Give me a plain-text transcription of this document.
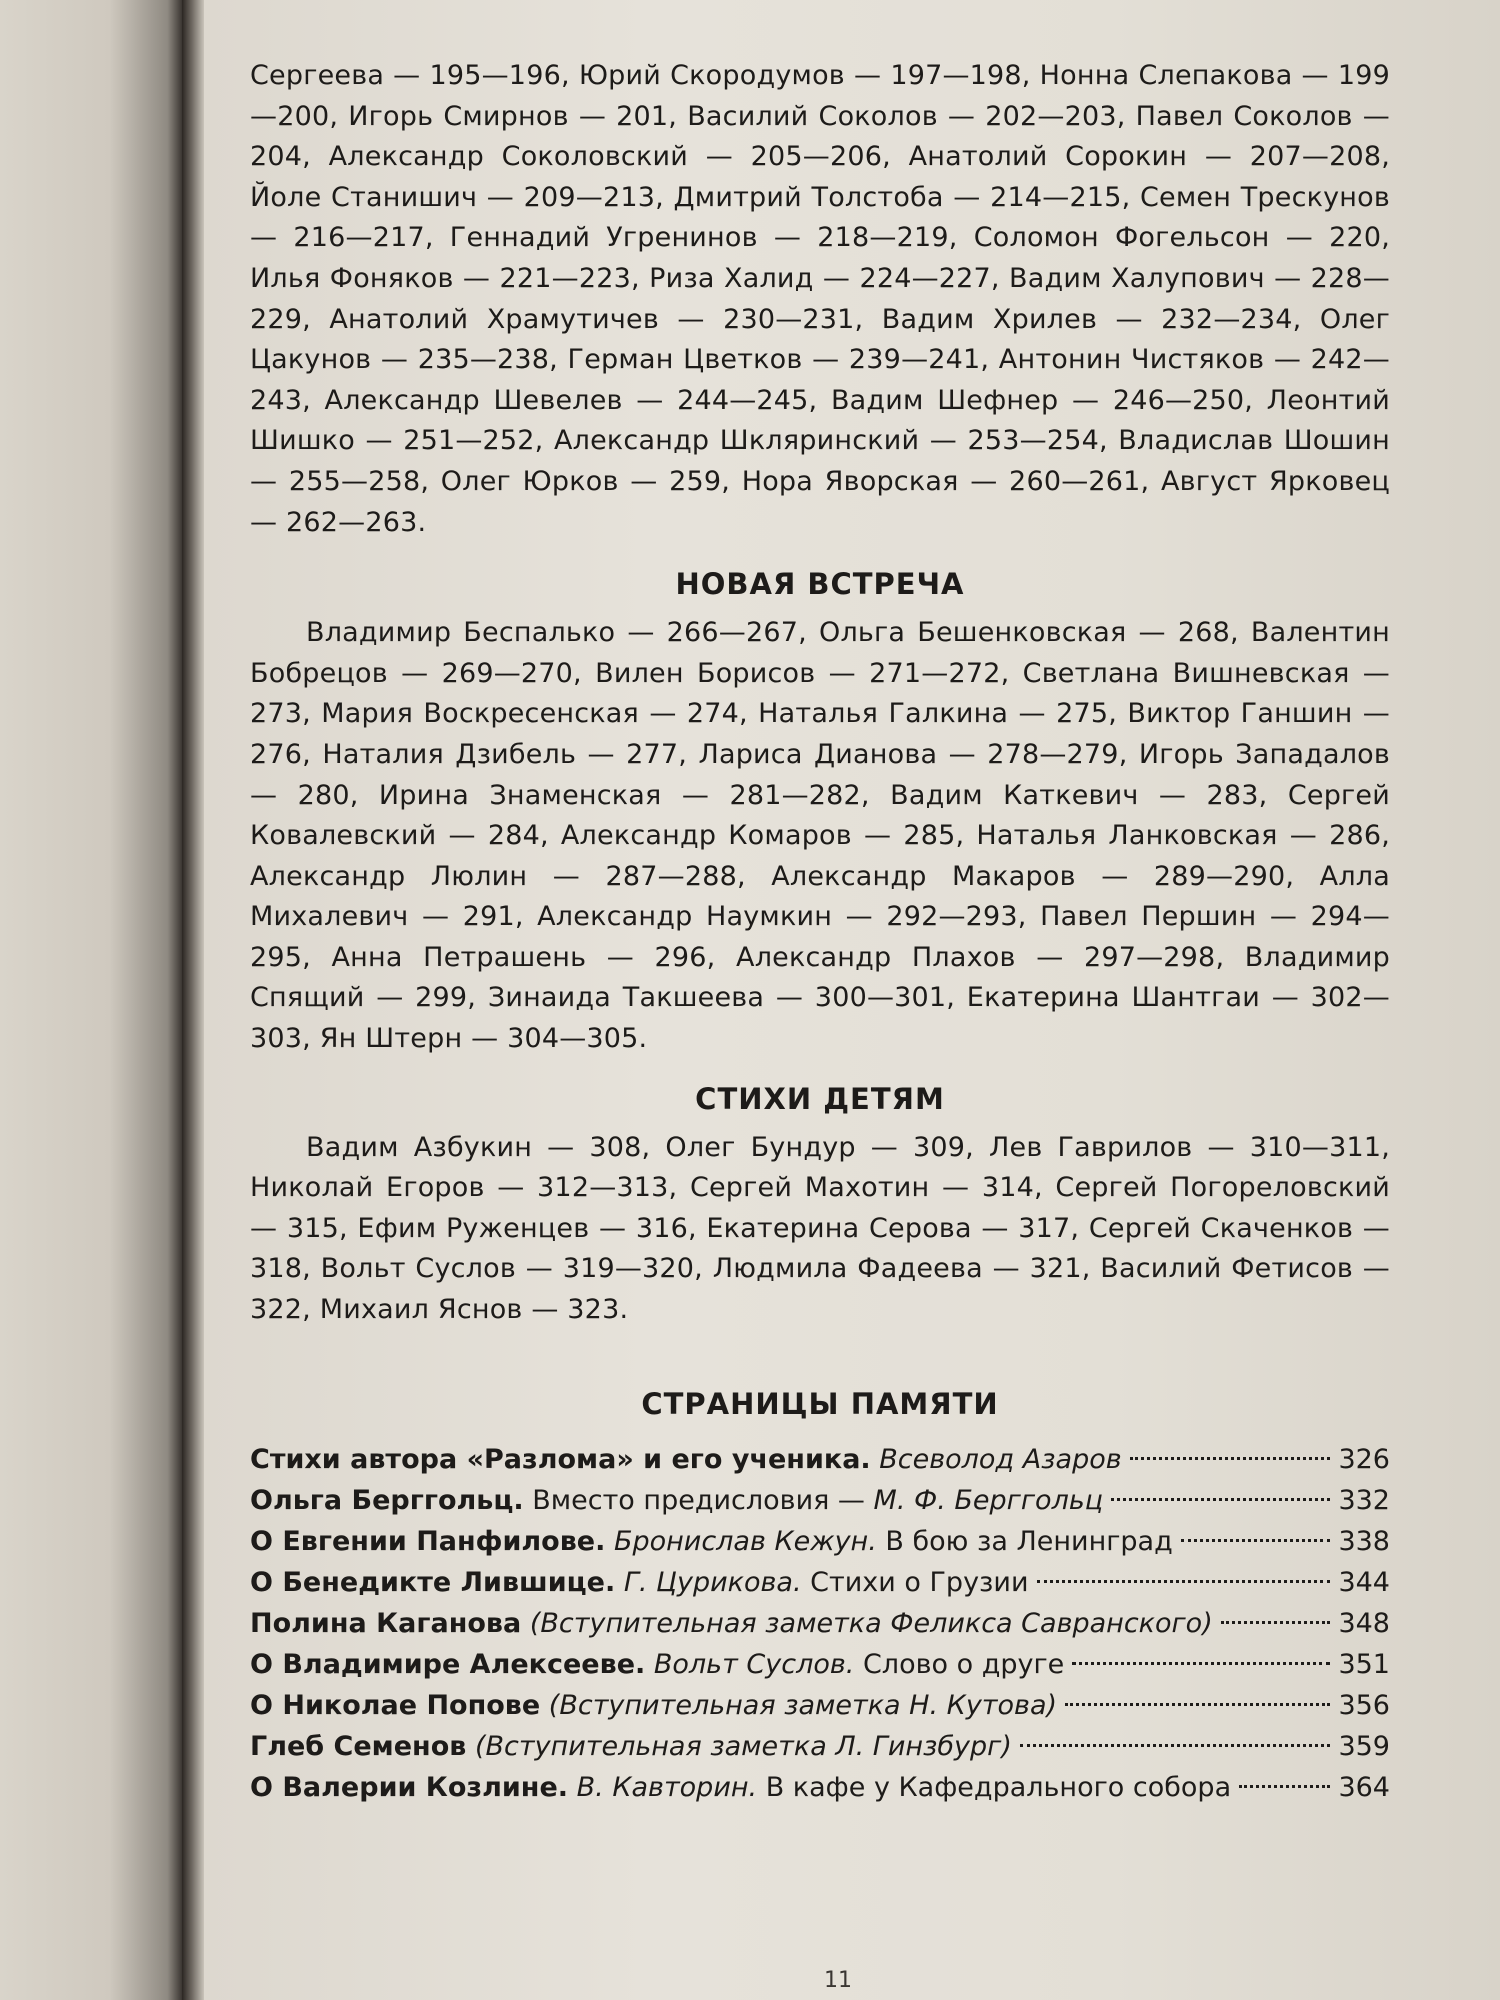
Сергеева — 195—196, Юрий Скородумов — 197—198, Нонна Слепакова — 199—200, Игорь Смирнов — 201, Василий Соколов — 202—203, Павел Соколов — 204, Александр Соколовский — 205—206, Анатолий Сорокин — 207—208, Йоле Станишич — 209—213, Дмитрий Толстоба — 214—215, Семен Трескунов — 216—217, Геннадий Угренинов — 218—219, Соломон Фогельсон — 220, Илья Фоняков — 221—223, Риза Халид — 224—227, Вадим Халупович — 228—229, Анатолий Храмутичев — 230—231, Вадим Хрилев — 232—234, Олег Цакунов — 235—238, Герман Цветков — 239—241, Антонин Чистяков — 242—243, Александр Шевелев — 244—245, Вадим Шефнер — 246—250, Леонтий Шишко — 251—252, Александр Шкляринский — 253—254, Владислав Шошин — 255—258, Олег Юрков — 259, Нора Яворская — 260—261, Август Ярковец — 262—263.

НОВАЯ ВСТРЕЧА

Владимир Беспалько — 266—267, Ольга Бешенковская — 268, Валентин Бобрецов — 269—270, Вилен Борисов — 271—272, Светлана Вишневская — 273, Мария Воскресенская — 274, Наталья Галкина — 275, Виктор Ганшин — 276, Наталия Дзибель — 277, Лариса Дианова — 278—279, Игорь Западалов — 280, Ирина Знаменская — 281—282, Вадим Каткевич — 283, Сергей Ковалевский — 284, Александр Комаров — 285, Наталья Ланковская — 286, Александр Люлин — 287—288, Александр Макаров — 289—290, Алла Михалевич — 291, Александр Наумкин — 292—293, Павел Першин — 294—295, Анна Петрашень — 296, Александр Плахов — 297—298, Владимир Спящий — 299, Зинаида Такшеева — 300—301, Екатерина Шантгаи — 302—303, Ян Штерн — 304—305.

СТИХИ ДЕТЯМ

Вадим Азбукин — 308, Олег Бундур — 309, Лев Гаврилов — 310—311, Николай Егоров — 312—313, Сергей Махотин — 314, Сергей Погореловский — 315, Ефим Руженцев — 316, Екатерина Серова — 317, Сергей Скаченков — 318, Вольт Суслов — 319—320, Людмила Фадеева — 321, Василий Фетисов — 322, Михаил Яснов — 323.

СТРАНИЦЫ ПАМЯТИ
Стихи автора «Разлома» и его ученика. Всеволод Азаров	326
Ольга Берггольц. Вместо предисловия — М. Ф. Берггольц	332
О Евгении Панфилове. Бронислав Кежун. В бою за Ленинград	338
О Бенедикте Лившице. Г. Цурикова. Стихи о Грузии	344
Полина Каганова (Вступительная заметка Феликса Савранского)	348
О Владимире Алексееве. Вольт Суслов. Слово о друге	351
О Николае Попове (Вступительная заметка Н. Кутова)	356
Глеб Семенов (Вступительная заметка Л. Гинзбург)	359
О Валерии Козлине. В. Кавторин. В кафе у Кафедрального собора	364
11
